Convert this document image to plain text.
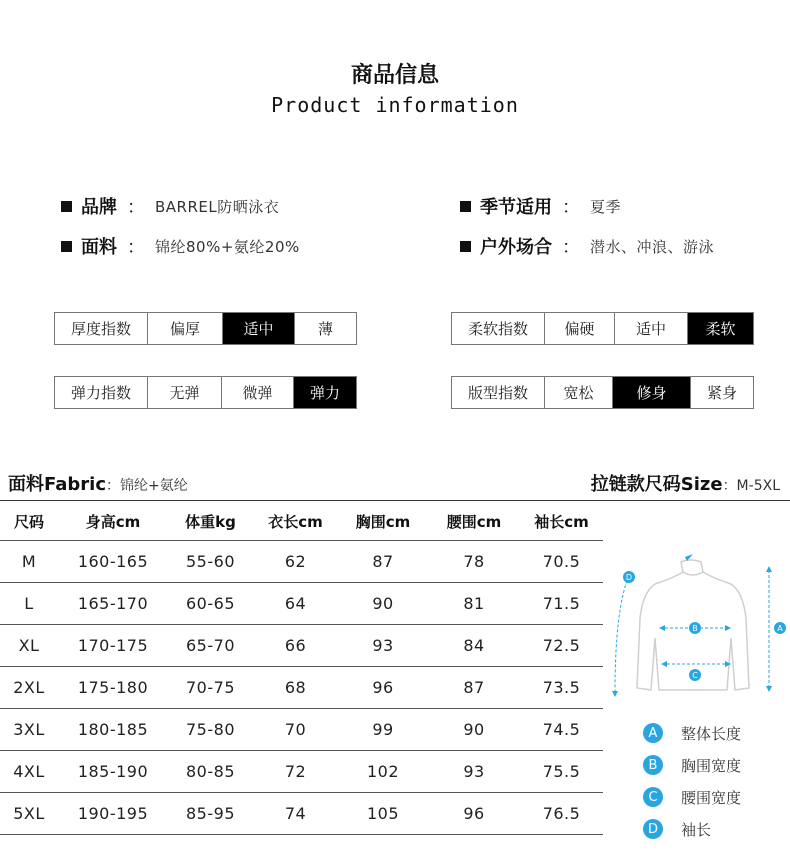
商品信息
Product information
品牌 ： BARREL防晒泳衣
面料 ： 锦纶80%+氨纶20%
季节适用 ： 夏季
户外场合 ： 潜水、冲浪、游泳
厚度指数	偏厚	适中	薄	柔软指数	偏硬	适中	柔软
弹力指数	无弹	微弹	弹力	版型指数	宽松	修身	紧身
面料Fabric：锦纶+氨纶	拉链款尺码Size：M-5XL
尺码	身高cm	体重kg	衣长cm	胸围cm	腰围cm	袖长cm
M	160-165	55-60	62	87	78	70.5
L	165-170	60-65	64	90	81	71.5
XL	170-175	65-70	66	93	84	72.5
2XL	175-180	70-75	68	96	87	73.5
3XL	180-185	75-80	70	99	90	74.5
4XL	185-190	80-85	72	102	93	75.5
5XL	190-195	85-95	74	105	96	76.5
D
A
B
C
A	整体长度
B	胸围宽度
C	腰围宽度
D	袖长
